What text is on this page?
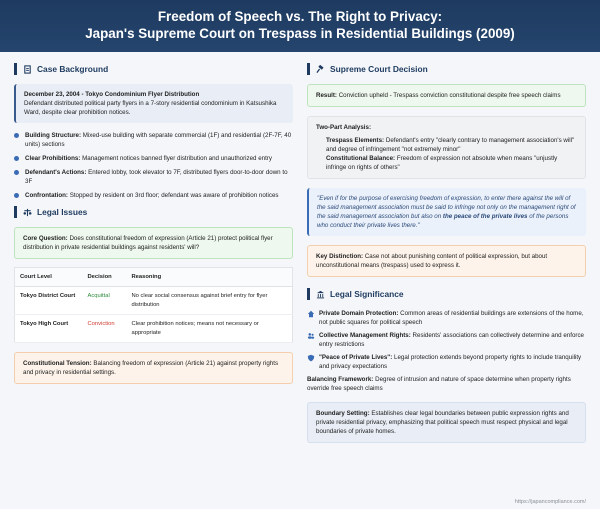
Freedom of Speech vs. The Right to Privacy:
Japan's Supreme Court on Trespass in Residential Buildings (2009)
Case Background
December 23, 2004 - Tokyo Condominium Flyer Distribution
Defendant distributed political party flyers in a 7-story residential condominium in Katsushika Ward, despite clear prohibition notices.
Building Structure: Mixed-use building with separate commercial (1F) and residential (2F-7F, 40 units) sections
Clear Prohibitions: Management notices banned flyer distribution and unauthorized entry
Defendant's Actions: Entered lobby, took elevator to 7F, distributed flyers door-to-door down to 3F
Confrontation: Stopped by resident on 3rd floor; defendant was aware of prohibition notices
Legal Issues
Core Question: Does constitutional freedom of expression (Article 21) protect political flyer distribution in private residential buildings against residents' will?
Court Level	Decision	Reasoning
Tokyo District Court	Acquittal	No clear social consensus against brief entry for flyer distribution
Tokyo High Court	Conviction	Clear prohibition notices; means not necessary or appropriate
Constitutional Tension: Balancing freedom of expression (Article 21) against property rights and privacy in residential settings.
Supreme Court Decision
Result: Conviction upheld - Trespass conviction constitutional despite free speech claims
Two-Part Analysis:
Trespass Elements: Defendant's entry "clearly contrary to management association's will" and degree of infringement "not extremely minor"
Constitutional Balance: Freedom of expression not absolute when means "unjustly infringe on rights of others"
"Even if for the purpose of exercising freedom of expression, to enter there against the will of the said management association must be said to infringe not only on the management right of the said management association but also on the peace of the private lives of the persons who conduct their private lives there."
Key Distinction: Case not about punishing content of political expression, but about unconstitutional means (trespass) used to express it.
Legal Significance
Private Domain Protection: Common areas of residential buildings are extensions of the home, not public squares for political speech
Collective Management Rights: Residents' associations can collectively determine and enforce entry restrictions
"Peace of Private Lives": Legal protection extends beyond property rights to include tranquility and privacy expectations
Balancing Framework: Degree of intrusion and nature of space determine when property rights override free speech claims
Boundary Setting: Establishes clear legal boundaries between public expression rights and private residential privacy, emphasizing that political speech must respect physical and legal boundaries of private homes.
https://japancompliance.com/
